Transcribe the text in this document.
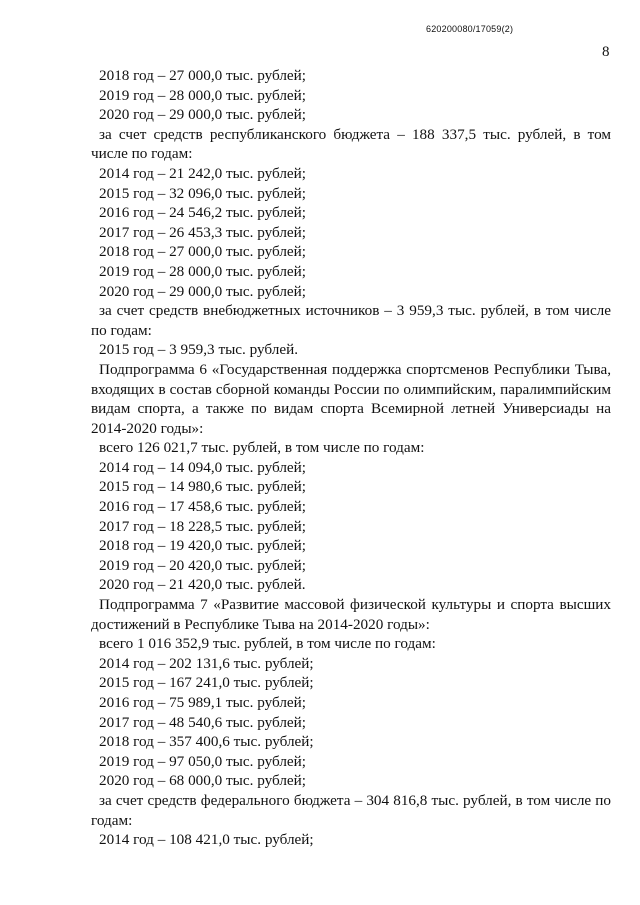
620200080/17059(2)
8
2018 год – 27 000,0 тыс. рублей;
2019 год – 28 000,0 тыс. рублей;
2020 год – 29 000,0 тыс. рублей;
за счет средств республиканского бюджета – 188 337,5 тыс. рублей, в том числе по годам:
2014 год – 21 242,0 тыс. рублей;
2015 год – 32 096,0 тыс. рублей;
2016 год – 24 546,2 тыс. рублей;
2017 год – 26 453,3 тыс. рублей;
2018 год – 27 000,0 тыс. рублей;
2019 год – 28 000,0 тыс. рублей;
2020 год – 29 000,0 тыс. рублей;
за счет средств внебюджетных источников – 3 959,3 тыс. рублей, в том числе по годам:
2015 год – 3 959,3 тыс. рублей.
Подпрограмма 6 «Государственная поддержка спортсменов Республики Тыва, входящих в состав сборной команды России по олимпийским, паралимпийским видам спорта, а также по видам спорта Всемирной летней Универсиады на 2014-2020 годы»:
всего 126 021,7 тыс. рублей, в том числе по годам:
2014 год – 14 094,0 тыс. рублей;
2015 год – 14 980,6 тыс. рублей;
2016 год – 17 458,6 тыс. рублей;
2017 год – 18 228,5 тыс. рублей;
2018 год – 19 420,0 тыс. рублей;
2019 год – 20 420,0 тыс. рублей;
2020 год – 21 420,0 тыс. рублей.
Подпрограмма 7 «Развитие массовой физической культуры и спорта высших достижений в Республике Тыва на 2014-2020 годы»:
всего 1 016 352,9 тыс. рублей, в том числе по годам:
2014 год – 202 131,6 тыс. рублей;
2015 год – 167 241,0 тыс. рублей;
2016 год – 75 989,1 тыс. рублей;
2017 год – 48 540,6 тыс. рублей;
2018 год – 357 400,6 тыс. рублей;
2019 год – 97 050,0 тыс. рублей;
2020 год – 68 000,0 тыс. рублей;
за счет средств федерального бюджета – 304 816,8 тыс. рублей, в том числе по годам:
2014 год – 108 421,0 тыс. рублей;
